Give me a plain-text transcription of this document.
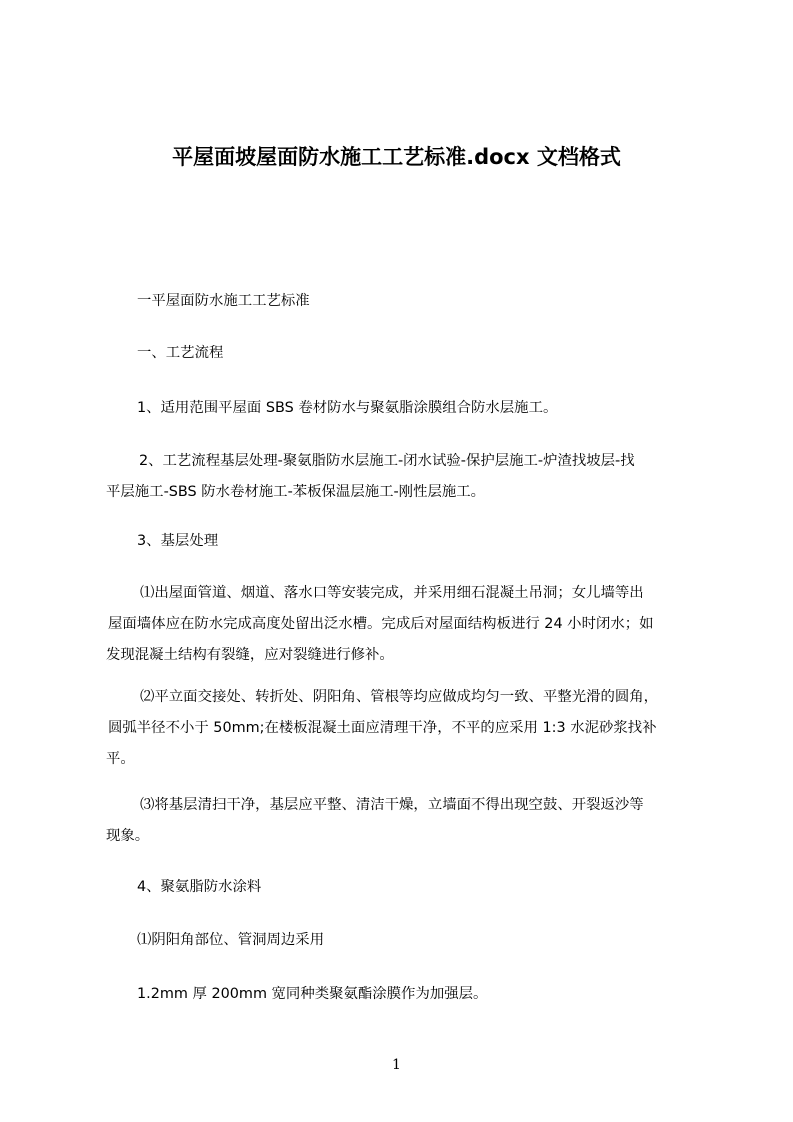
平屋面坡屋面防水施工工艺标准.docx 文档格式
一平屋面防水施工工艺标准
一、工艺流程
1、适用范围平屋面 SBS 卷材防水与聚氨脂涂膜组合防水层施工。
2、工艺流程基层处理-聚氨脂防水层施工-闭水试验-保护层施工-炉渣找坡层-找
平层施工-SBS 防水卷材施工-苯板保温层施工-刚性层施工。
3、基层处理
⑴出屋面管道、烟道、落水口等安装完成，并采用细石混凝土吊洞；女儿墙等出
屋面墙体应在防水完成高度处留出泛水槽。完成后对屋面结构板进行 24 小时闭水；如
发现混凝土结构有裂缝，应对裂缝进行修补。
⑵平立面交接处、转折处、阴阳角、管根等均应做成均匀一致、平整光滑的圆角，
圆弧半径不小于 50mm;在楼板混凝土面应清理干净，不平的应采用 1:3 水泥砂浆找补
平。
⑶将基层清扫干净，基层应平整、清洁干燥，立墙面不得出现空鼓、开裂返沙等
现象。
4、聚氨脂防水涂料
⑴阴阳角部位、管洞周边采用
1.2mm 厚 200mm 宽同种类聚氨酯涂膜作为加强层。
1
